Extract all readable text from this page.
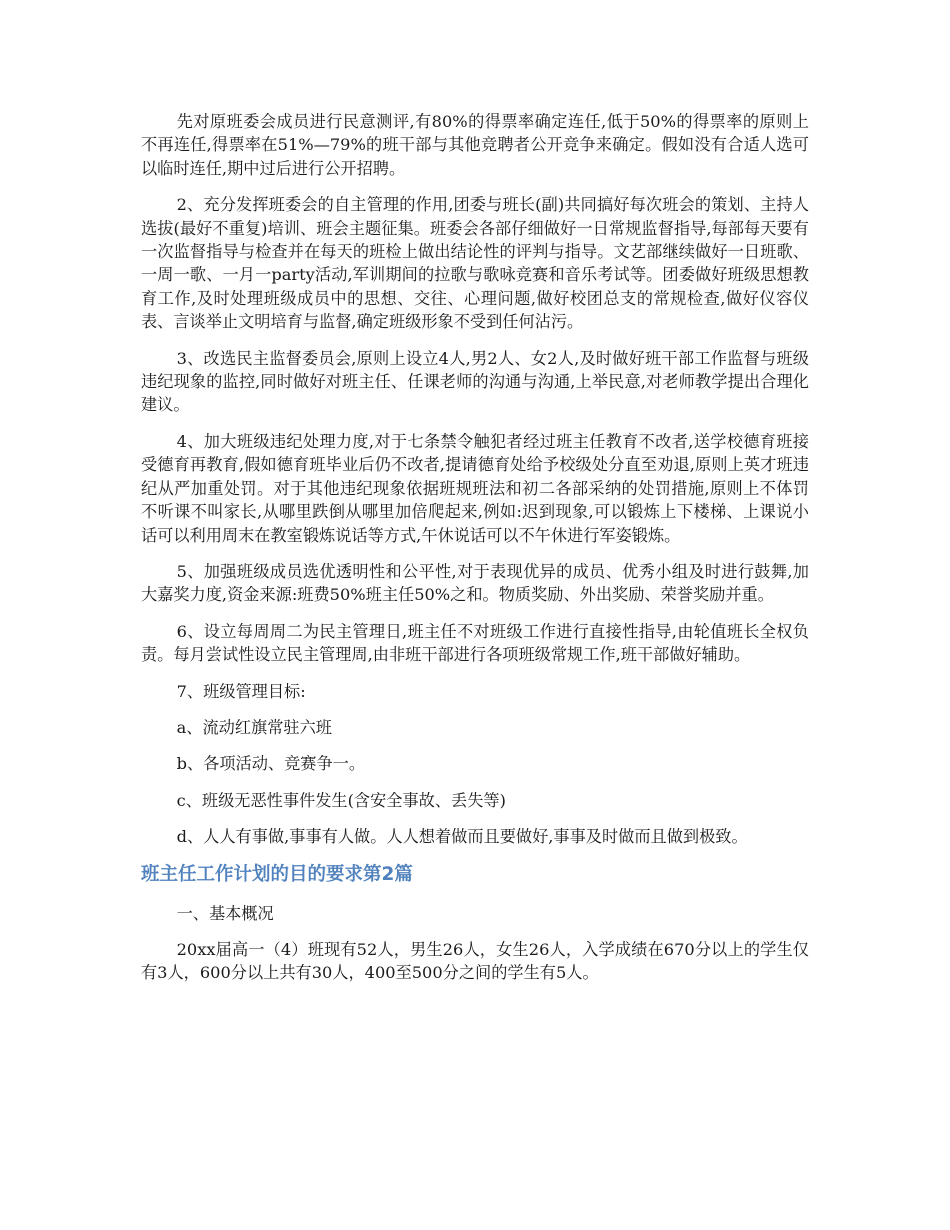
先对原班委会成员进行民意测评,有80%的得票率确定连任,低于50%的得票率的原则上不再连任,得票率在51%—79%的班干部与其他竞聘者公开竞争来确定。假如没有合适人选可以临时连任,期中过后进行公开招聘。

2、充分发挥班委会的自主管理的作用,团委与班长(副)共同搞好每次班会的策划、主持人选拔(最好不重复)培训、班会主题征集。班委会各部仔细做好一日常规监督指导,每部每天要有一次监督指导与检查并在每天的班检上做出结论性的评判与指导。文艺部继续做好一日班歌、一周一歌、一月一party活动,军训期间的拉歌与歌咏竞赛和音乐考试等。团委做好班级思想教育工作,及时处理班级成员中的思想、交往、心理问题,做好校团总支的常规检查,做好仪容仪表、言谈举止文明培育与监督,确定班级形象不受到任何沾污。

3、改选民主监督委员会,原则上设立4人,男2人、女2人,及时做好班干部工作监督与班级违纪现象的监控,同时做好对班主任、任课老师的沟通与沟通,上举民意,对老师教学提出合理化建议。

4、加大班级违纪处理力度,对于七条禁令触犯者经过班主任教育不改者,送学校德育班接受德育再教育,假如德育班毕业后仍不改者,提请德育处给予校级处分直至劝退,原则上英才班违纪从严加重处罚。对于其他违纪现象依据班规班法和初二各部采纳的处罚措施,原则上不体罚不听课不叫家长,从哪里跌倒从哪里加倍爬起来,例如:迟到现象,可以锻炼上下楼梯、上课说小话可以利用周末在教室锻炼说话等方式,午休说话可以不午休进行军姿锻炼。

5、加强班级成员选优透明性和公平性,对于表现优异的成员、优秀小组及时进行鼓舞,加大嘉奖力度,资金来源:班费50%班主任50%之和。物质奖励、外出奖励、荣誉奖励并重。

6、设立每周周二为民主管理日,班主任不对班级工作进行直接性指导,由轮值班长全权负责。每月尝试性设立民主管理周,由非班干部进行各项班级常规工作,班干部做好辅助。

7、班级管理目标:

a、流动红旗常驻六班

b、各项活动、竞赛争一。

c、班级无恶性事件发生(含安全事故、丢失等)

d、人人有事做,事事有人做。人人想着做而且要做好,事事及时做而且做到极致。

班主任工作计划的目的要求第2篇

一、基本概况

20xx届高一（4）班现有52人，男生26人，女生26人，入学成绩在670分以上的学生仅有3人，600分以上共有30人，400至500分之间的学生有5人。
